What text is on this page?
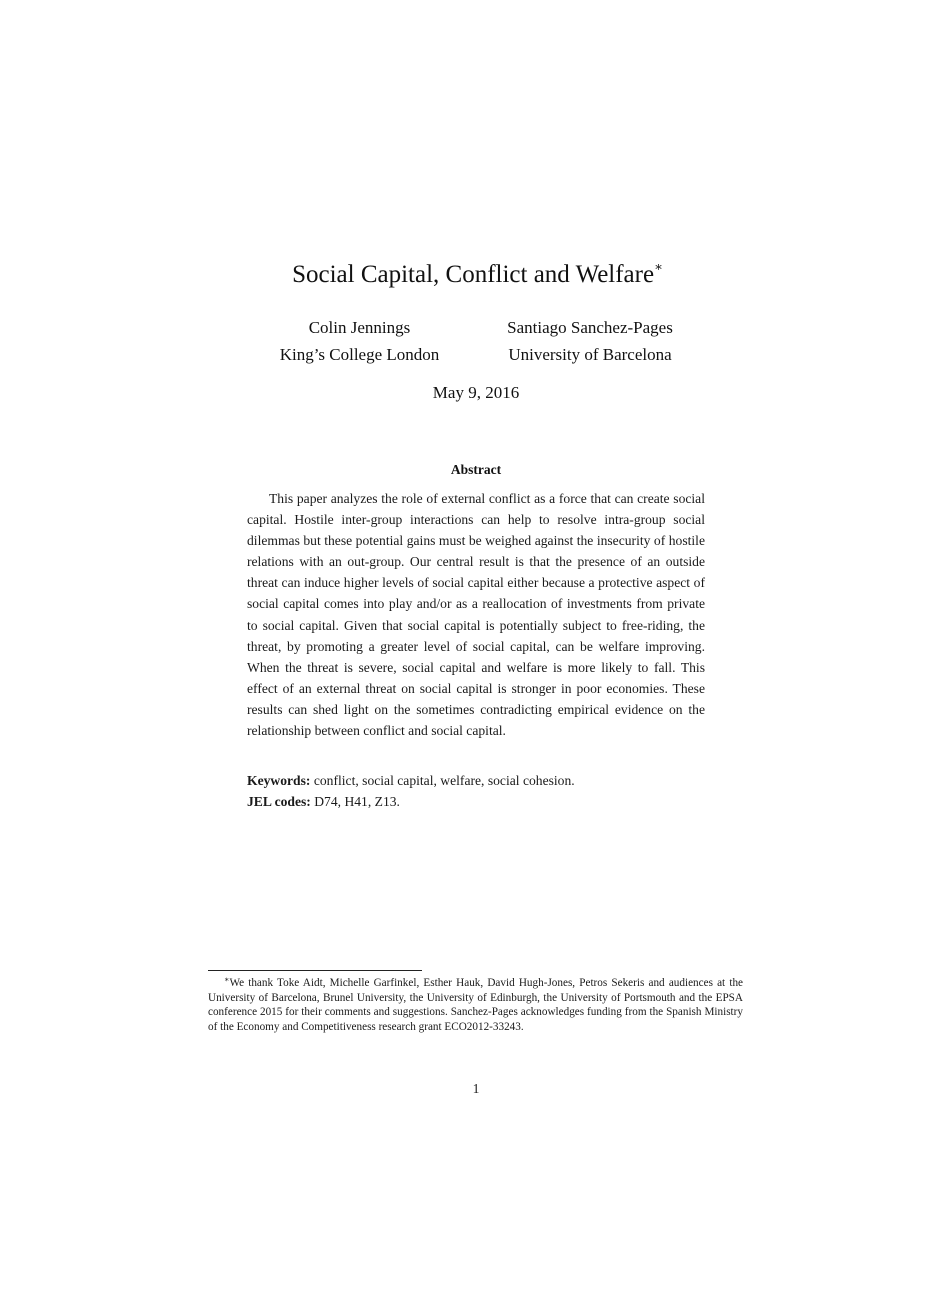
Social Capital, Conflict and Welfare∗
Colin Jennings
King’s College London
Santiago Sanchez-Pages
University of Barcelona
May 9, 2016
Abstract

This paper analyzes the role of external conflict as a force that can create social capital. Hostile inter-group interactions can help to resolve intra-group social dilemmas but these potential gains must be weighed against the insecurity of hostile relations with an out-group. Our central result is that the presence of an outside threat can induce higher levels of social capital either because a protective aspect of social capital comes into play and/or as a reallocation of investments from private to social capital. Given that social capital is potentially subject to free-riding, the threat, by promoting a greater level of social capital, can be welfare improving. When the threat is severe, social capital and welfare is more likely to fall. This effect of an external threat on social capital is stronger in poor economies. These results can shed light on the sometimes contradicting empirical evidence on the relationship between conflict and social capital.

Keywords: conflict, social capital, welfare, social cohesion.
JEL codes: D74, H41, Z13.

∗We thank Toke Aidt, Michelle Garfinkel, Esther Hauk, David Hugh-Jones, Petros Sekeris and audiences at the University of Barcelona, Brunel University, the University of Edinburgh, the University of Portsmouth and the EPSA conference 2015 for their comments and suggestions. Sanchez-Pages acknowledges funding from the Spanish Ministry of the Economy and Competitiveness research grant ECO2012-33243.

1
